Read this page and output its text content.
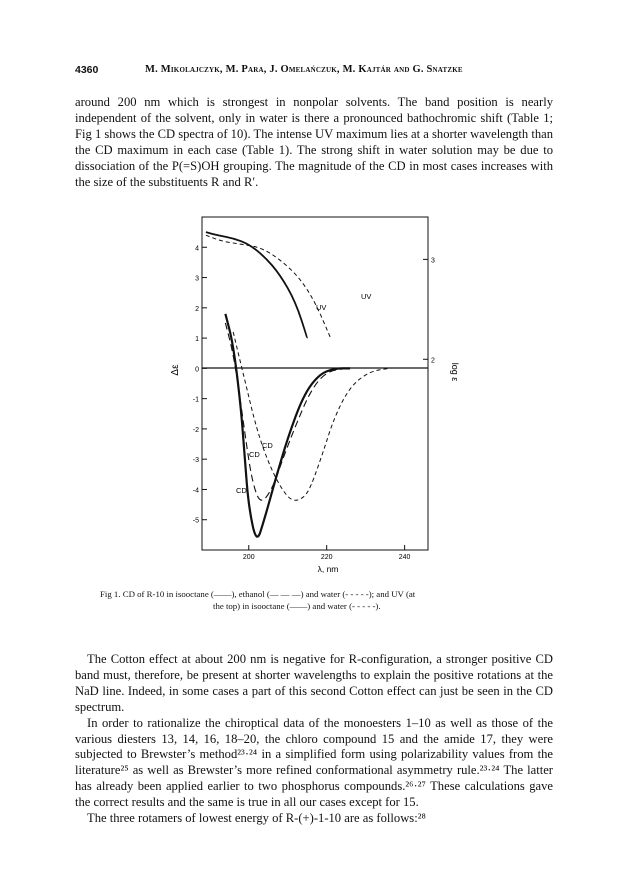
4360	M. Mikolajczyk, M. Para, J. Omelańczuk, M. Kajtár and G. Snatzke
around 200 nm which is strongest in nonpolar solvents. The band position is nearly independent of the solvent, only in water is there a pronounced bathochromic shift (Table 1; Fig 1 shows the CD spectra of 10). The intense UV maximum lies at a shorter wavelength than the CD maximum in each case (Table 1). The strong shift in water solution may be due to dissociation of the P(=S)OH grouping. The magnitude of the CD in most cases increases with the size of the substituents R and R′.
4
3
2
1
0
-1
-2
-3
-4
-5
200	220	240
3
2
UV
UV
CD
CD
CD
Δε	log ε
λ, nm
Fig 1. CD of R-10 in isooctane (——), ethanol (— — —) and water (- - - - -); and UV (at
the top) in isooctane (——) and water (- - - - -).
The Cotton effect at about 200 nm is negative for R-configuration, a stronger positive CD band must, therefore, be present at shorter wavelengths to explain the positive rotations at the NaD line. Indeed, in some cases a part of this second Cotton effect can just be seen in the CD spectrum.
In order to rationalize the chiroptical data of the monoesters 1–10 as well as those of the various diesters 13, 14, 16, 18–20, the chloro compound 15 and the amide 17, they were subjected to Brewster’s method²³·²⁴ in a simplified form using polarizability values from the literature²⁵ as well as Brewster’s more refined conformational asymmetry rule.²³·²⁴ The latter has already been applied earlier to two phosphorus compounds.²⁶·²⁷ These calculations gave the correct results and the same is true in all our cases except for 15.
The three rotamers of lowest energy of R-(+)-1-10 are as follows:²⁸
